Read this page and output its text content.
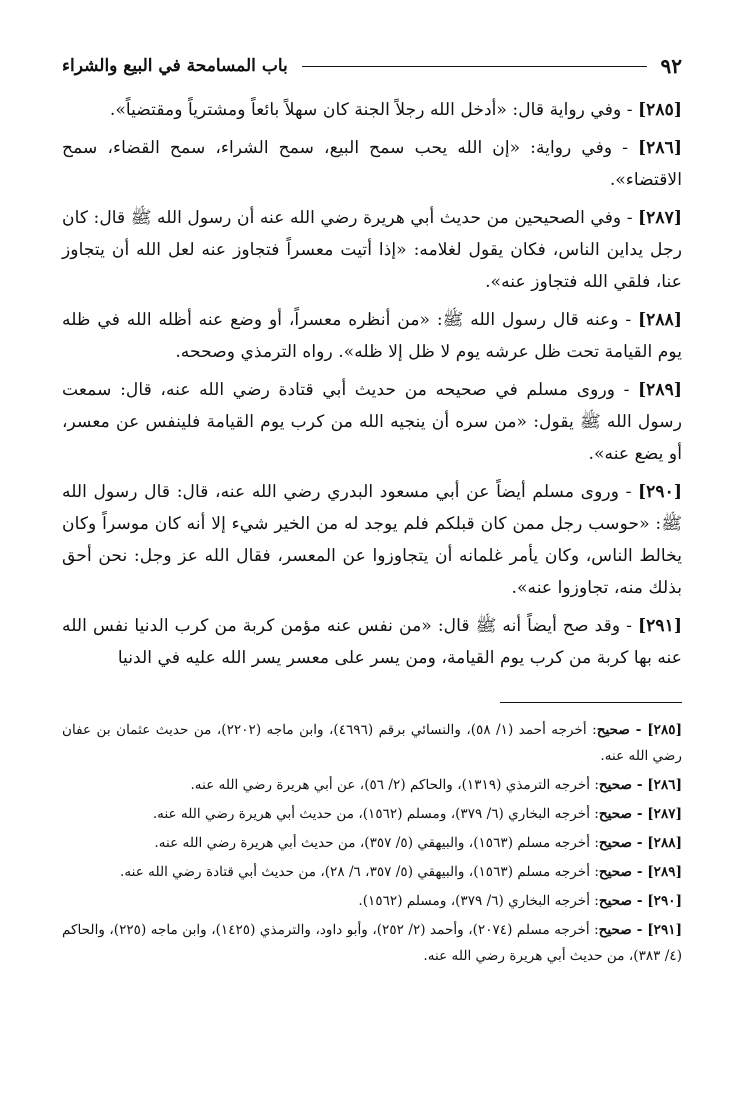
٩٢
باب المسامحة في البيع والشراء

[٢٨٥] - وفي رواية قال: «أدخل الله رجلاً الجنة كان سهلاً بائعاً ومشترياً ومقتضياً».

[٢٨٦] - وفي رواية: «إن الله يحب سمح البيع، سمح الشراء، سمح القضاء، سمح الاقتضاء».

[٢٨٧] - وفي الصحيحين من حديث أبي هريرة رضي الله عنه أن رسول الله ﷺ قال: كان رجل يداين الناس، فكان يقول لغلامه: «إذا أتيت معسراً فتجاوز عنه لعل الله أن يتجاوز عنا، فلقي الله فتجاوز عنه».

[٢٨٨] - وعنه قال رسول الله ﷺ: «من أنظره معسراً، أو وضع عنه أظله الله في ظله يوم القيامة تحت ظل عرشه يوم لا ظل إلا ظله». رواه الترمذي وصححه.

[٢٨٩] - وروى مسلم في صحيحه من حديث أبي قتادة رضي الله عنه، قال: سمعت رسول الله ﷺ يقول: «من سره أن ينجيه الله من كرب يوم القيامة فلينفس عن معسر، أو يضع عنه».

[٢٩٠] - وروى مسلم أيضاً عن أبي مسعود البدري رضي الله عنه، قال: قال رسول الله ﷺ: «حوسب رجل ممن كان قبلكم فلم يوجد له من الخير شيء إلا أنه كان موسراً وكان يخالط الناس، وكان يأمر غلمانه أن يتجاوزوا عن المعسر، فقال الله عز وجل: نحن أحق بذلك منه، تجاوزوا عنه».

[٢٩١] - وقد صح أيضاً أنه ﷺ قال: «من نفس عنه مؤمن كربة من كرب الدنيا نفس الله عنه بها كربة من كرب يوم القيامة، ومن يسر على معسر يسر الله عليه في الدنيا

[٢٨٥] - صحيح: أخرجه أحمد (١/ ٥٨)، والنسائي برقم (٤٦٩٦)، وابن ماجه (٢٢٠٢)، من حديث عثمان بن عفان رضي الله عنه.

[٢٨٦] - صحيح: أخرجه الترمذي (١٣١٩)، والحاكم (٢/ ٥٦)، عن أبي هريرة رضي الله عنه.

[٢٨٧] - صحيح: أخرجه البخاري (٦/ ٣٧٩)، ومسلم (١٥٦٢)، من حديث أبي هريرة رضي الله عنه.

[٢٨٨] - صحيح: أخرجه مسلم (١٥٦٣)، والبيهقي (٥/ ٣٥٧)، من حديث أبي هريرة رضي الله عنه.

[٢٨٩] - صحيح: أخرجه مسلم (١٥٦٣)، والبيهقي (٥/ ٣٥٧، ٦/ ٢٨)، من حديث أبي قتادة رضي الله عنه.

[٢٩٠] - صحيح: أخرجه البخاري (٦/ ٣٧٩)، ومسلم (١٥٦٢).

[٢٩١] - صحيح: أخرجه مسلم (٢٠٧٤)، وأحمد (٢/ ٢٥٢)، وأبو داود، والترمذي (١٤٢٥)، وابن ماجه (٢٢٥)، والحاكم (٤/ ٣٨٣)، من حديث أبي هريرة رضي الله عنه.
